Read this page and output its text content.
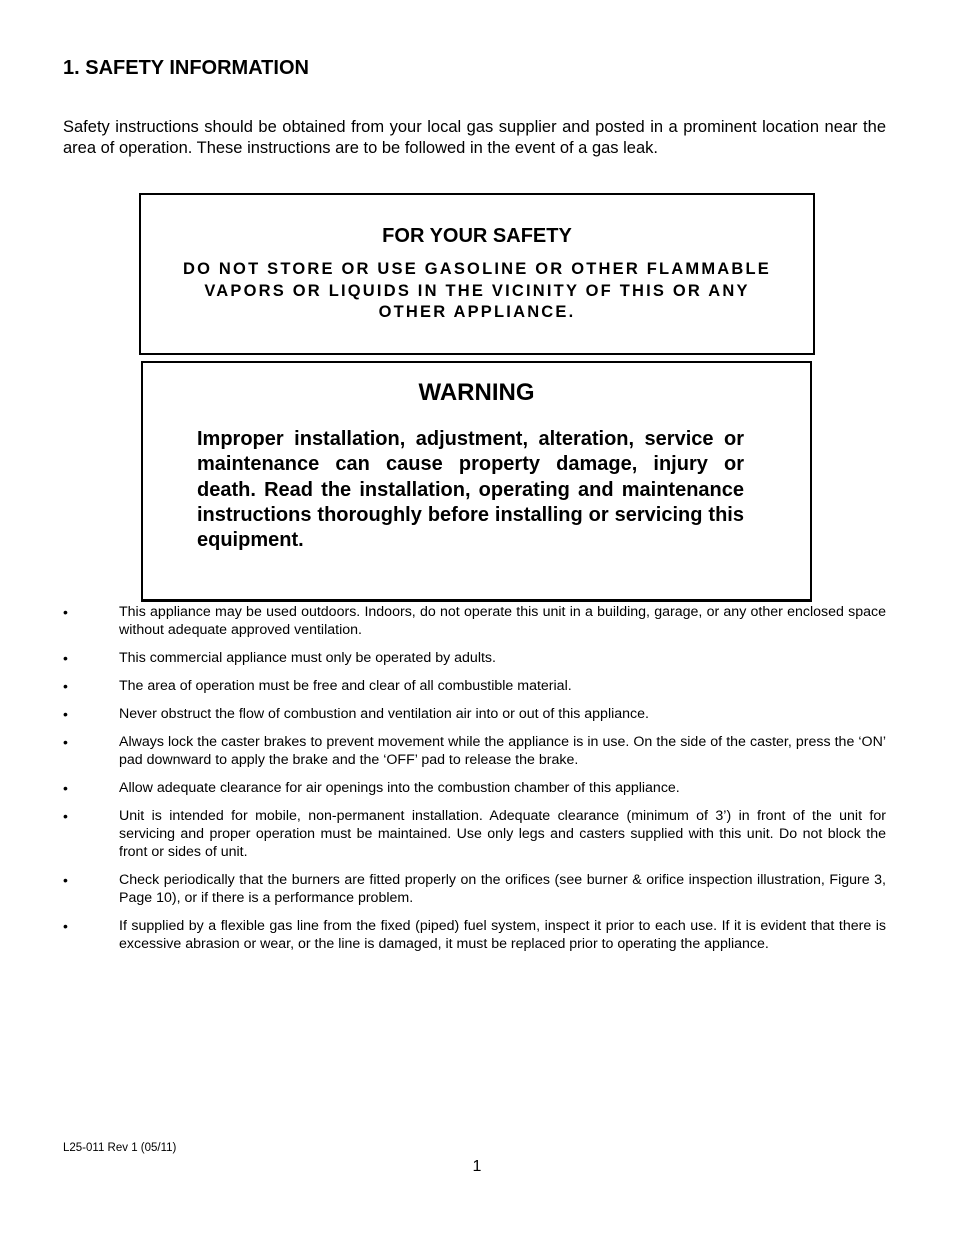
1. SAFETY INFORMATION

Safety instructions should be obtained from your local gas supplier and posted in a prominent location near the area of operation. These instructions are to be followed in the event of a gas leak.

FOR YOUR SAFETY
DO NOT STORE OR USE GASOLINE OR OTHER FLAMMABLE VAPORS OR LIQUIDS IN THE VICINITY OF THIS OR ANY OTHER APPLIANCE.
WARNING
Improper installation, adjustment, alteration, service or maintenance can cause property damage, injury or death. Read the installation, operating and maintenance instructions thoroughly before installing or servicing this equipment.
•	This appliance may be used outdoors. Indoors, do not operate this unit in a building, garage, or any other enclosed space without adequate approved ventilation.
•	This commercial appliance must only be operated by adults.
•	The area of operation must be free and clear of all combustible material.
•	Never obstruct the flow of combustion and ventilation air into or out of this appliance.
•	Always lock the caster brakes to prevent movement while the appliance is in use. On the side of the caster, press the ‘ON’ pad downward to apply the brake and the ‘OFF’ pad to release the brake.
•	Allow adequate clearance for air openings into the combustion chamber of this appliance.
•	Unit is intended for mobile, non-permanent installation. Adequate clearance (minimum of 3’) in front of the unit for servicing and proper operation must be maintained. Use only legs and casters supplied with this unit. Do not block the front or sides of unit.
•	Check periodically that the burners are fitted properly on the orifices (see burner & orifice inspection illustration, Figure 3, Page 10), or if there is a performance problem.
•	If supplied by a flexible gas line from the fixed (piped) fuel system, inspect it prior to each use. If it is evident that there is excessive abrasion or wear, or the line is damaged, it must be replaced prior to operating the appliance.
L25-011 Rev 1 (05/11)
1
